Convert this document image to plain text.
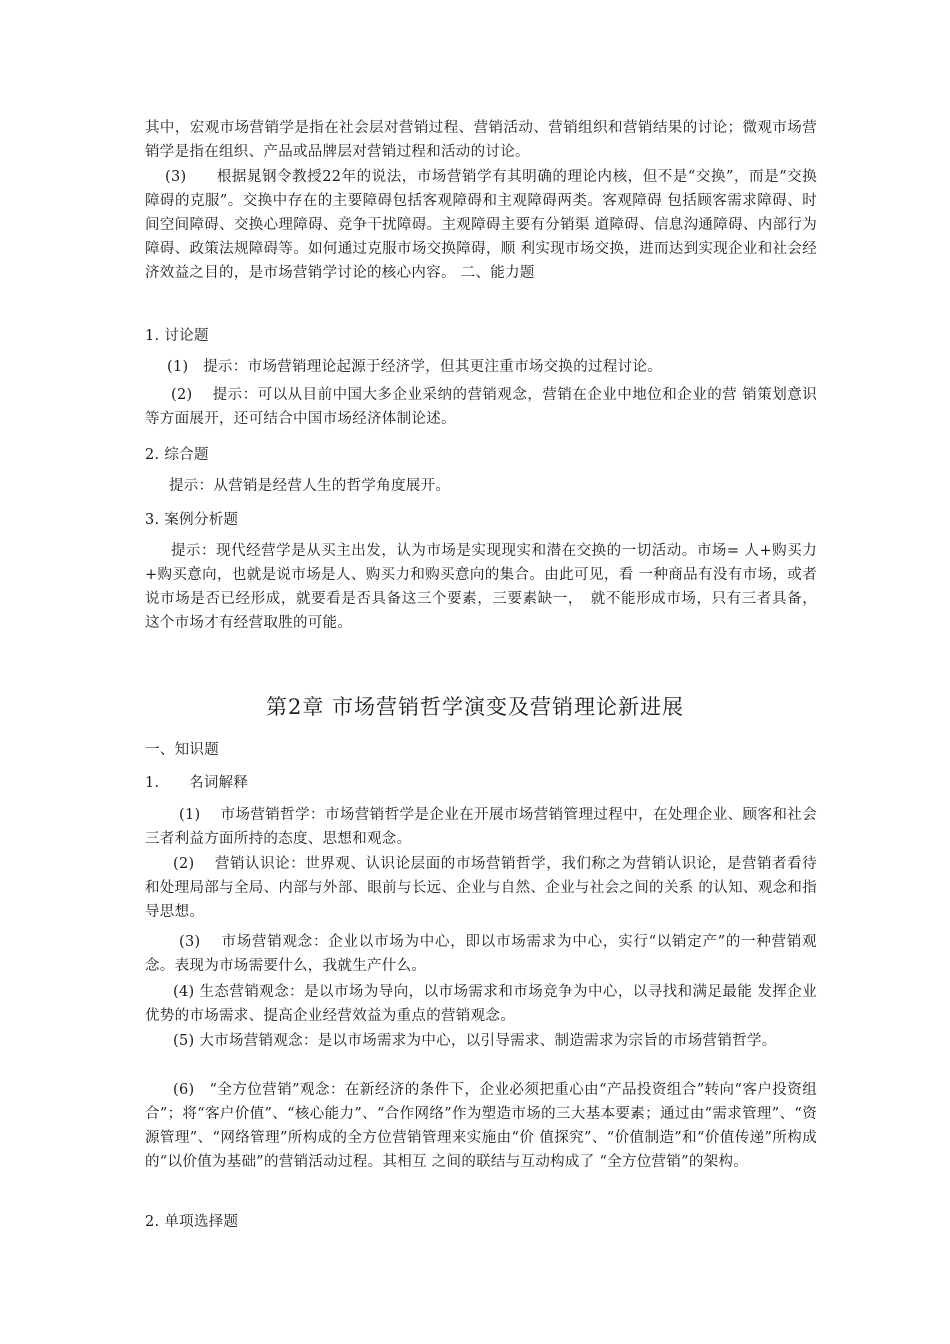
其中，宏观市场营销学是指在社会层对营销过程、营销活动、营销组织和营销结果的讨论；微观市场营销学是指在组织、产品或品牌层对营销过程和活动的讨论。

(3)　　根据晁钢令教授22年的说法，市场营销学有其明确的理论内核，但不是“交换”，而是“交换障碍的克服”。交换中存在的主要障碍包括客观障碍和主观障碍两类。客观障碍 包括顾客需求障碍、时间空间障碍、交换心理障碍、竞争干扰障碍。主观障碍主要有分销渠 道障碍、信息沟通障碍、内部行为障碍、政策法规障碍等。如何通过克服市场交换障碍，顺 利实现市场交换，进而达到实现企业和社会经济效益之目的，是市场营销学讨论的核心内容。 二、能力题

1. 讨论题

(1)　提示：市场营销理论起源于经济学，但其更注重市场交换的过程讨论。

(2)　 提示：可以从目前中国大多企业采纳的营销观念，营销在企业中地位和企业的营 销策划意识等方面展开，还可结合中国市场经济体制论述。

2. 综合题

提示：从营销是经营人生的哲学角度展开。

3. 案例分析题

提示：现代经营学是从买主出发，认为市场是实现现实和潜在交换的一切活动。市场= 人+购买力+购买意向，也就是说市场是人、购买力和购买意向的集合。由此可见，看 一种商品有没有市场，或者说市场是否已经形成，就要看是否具备这三个要素，三要素缺一，　就不能形成市场，只有三者具备，这个市场才有经营取胜的可能。

第2章 市场营销哲学演变及营销理论新进展

一、知识题

1.　　名词解释

(1)　 市场营销哲学：市场营销哲学是企业在开展市场营销管理过程中，在处理企业、顾客和社会三者利益方面所持的态度、思想和观念。

(2)　 营销认识论：世界观、认识论层面的市场营销哲学，我们称之为营销认识论，是营销者看待和处理局部与全局、内部与外部、眼前与长远、企业与自然、企业与社会之间的关系 的认知、观念和指导思想。

(3)　 市场营销观念：企业以市场为中心，即以市场需求为中心，实行“以销定产”的一种营销观念。表现为市场需要什么，我就生产什么。

(4) 生态营销观念：是以市场为导向，以市场需求和市场竞争为中心，以寻找和满足最能 发挥企业优势的市场需求、提高企业经营效益为重点的营销观念。

(5) 大市场营销观念：是以市场需求为中心，以引导需求、制造需求为宗旨的市场营销哲学。

(6)　“全方位营销”观念：在新经济的条件下，企业必须把重心由“产品投资组合”转向“客户投资组合”；将“客户价值”、“核心能力”、“合作网络”作为塑造市场的三大基本要素；通过由“需求管理”、“资源管理”、“网络管理”所构成的全方位营销管理来实施由“价 值探究”、“价值制造”和“价值传递”所构成的“以价值为基础”的营销活动过程。其相互 之间的联结与互动构成了 “全方位营销”的架构。

2. 单项选择题
